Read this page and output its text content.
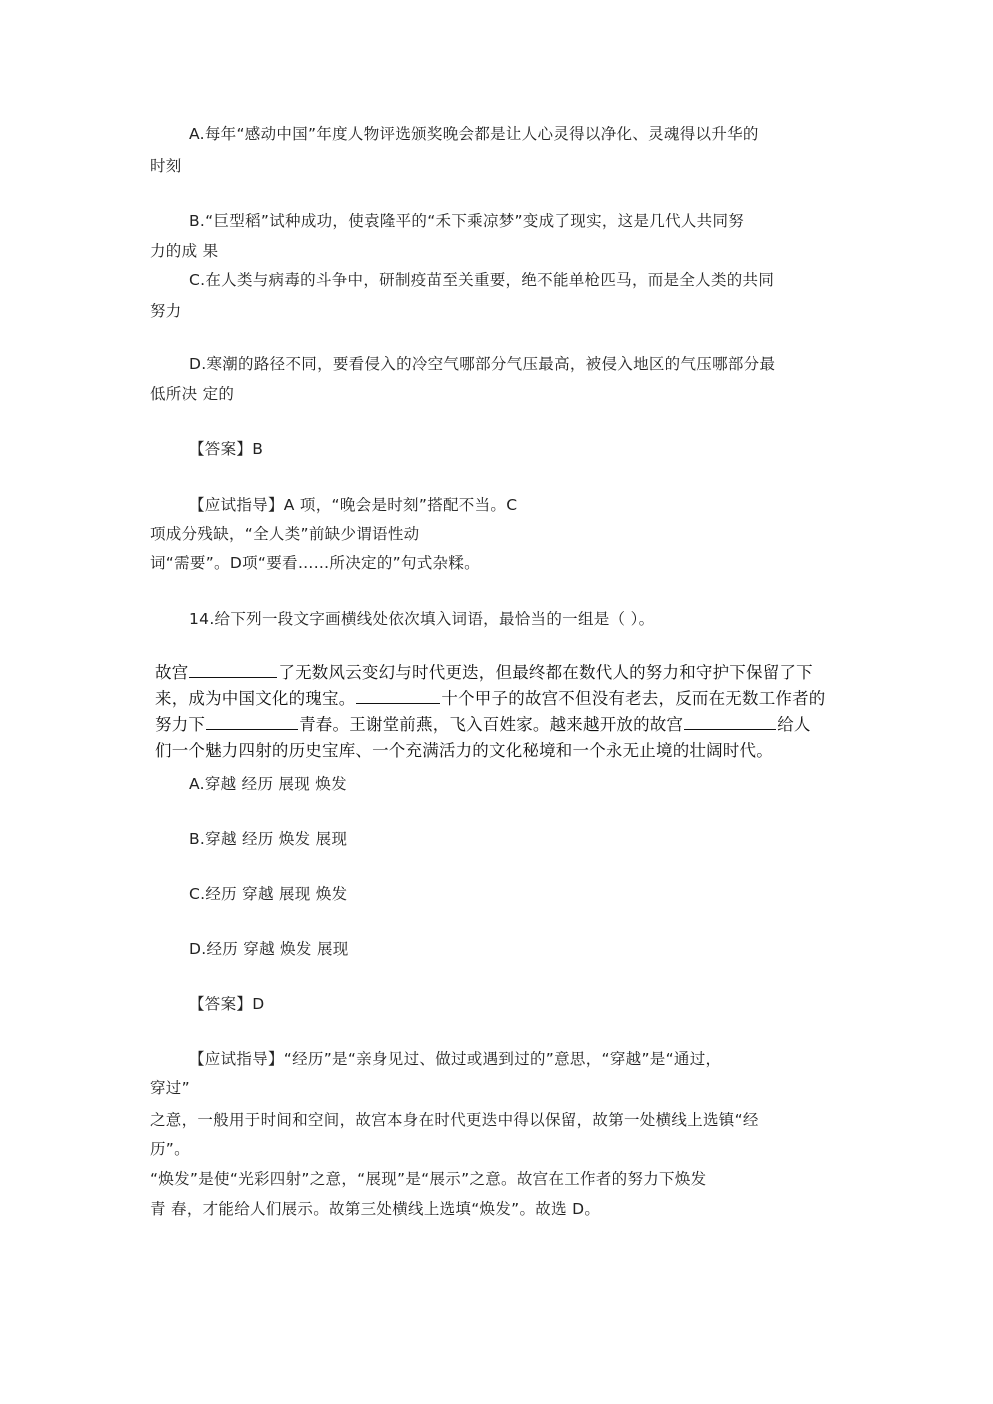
A.每年“感动中国”年度人物评选颁奖晚会都是让人心灵得以净化、灵魂得以升华的
时刻
B.“巨型稻”试种成功，使袁隆平的“禾下乘凉梦”变成了现实，这是几代人共同努
力的成 果
C.在人类与病毒的斗争中，研制疫苗至关重要，绝不能单枪匹马，而是全人类的共同
努力
D.寒潮的路径不同，要看侵入的冷空气哪部分气压最高，被侵入地区的气压哪部分最
低所决 定的
【答案】B
【应试指导】A 项，“晚会是时刻”搭配不当。C
项成分残缺，“全人类”前缺少谓语性动
词“需要”。D项“要看……所决定的”句式杂糅。
14.给下列一段文字画横线处依次填入词语，最恰当的一组是（ ）。
故宫	了无数风云变幻与时代更迭，但最终都在数代人的努力和守护下保留了下
来，成为中国文化的瑰宝。	十个甲子的故宫不但没有老去，反而在无数工作者的
努力下	青春。王谢堂前燕，飞入百姓家。越来越开放的故宫	给人
们一个魅力四射的历史宝库、一个充满活力的文化秘境和一个永无止境的壮阔时代。
A.穿越 经历 展现 焕发
B.穿越 经历 焕发 展现
C.经历 穿越 展现 焕发
D.经历 穿越 焕发 展现
【答案】D
【应试指导】“经历”是“亲身见过、做过或遇到过的”意思，“穿越”是“通过，
穿过”
之意，一般用于时间和空间，故宫本身在时代更迭中得以保留，故第一处横线上选镇“经
历”。
“焕发”是使“光彩四射”之意，“展现”是“展示”之意。故宫在工作者的努力下焕发
青 春，才能给人们展示。故第三处横线上选填“焕发”。故选 D。
